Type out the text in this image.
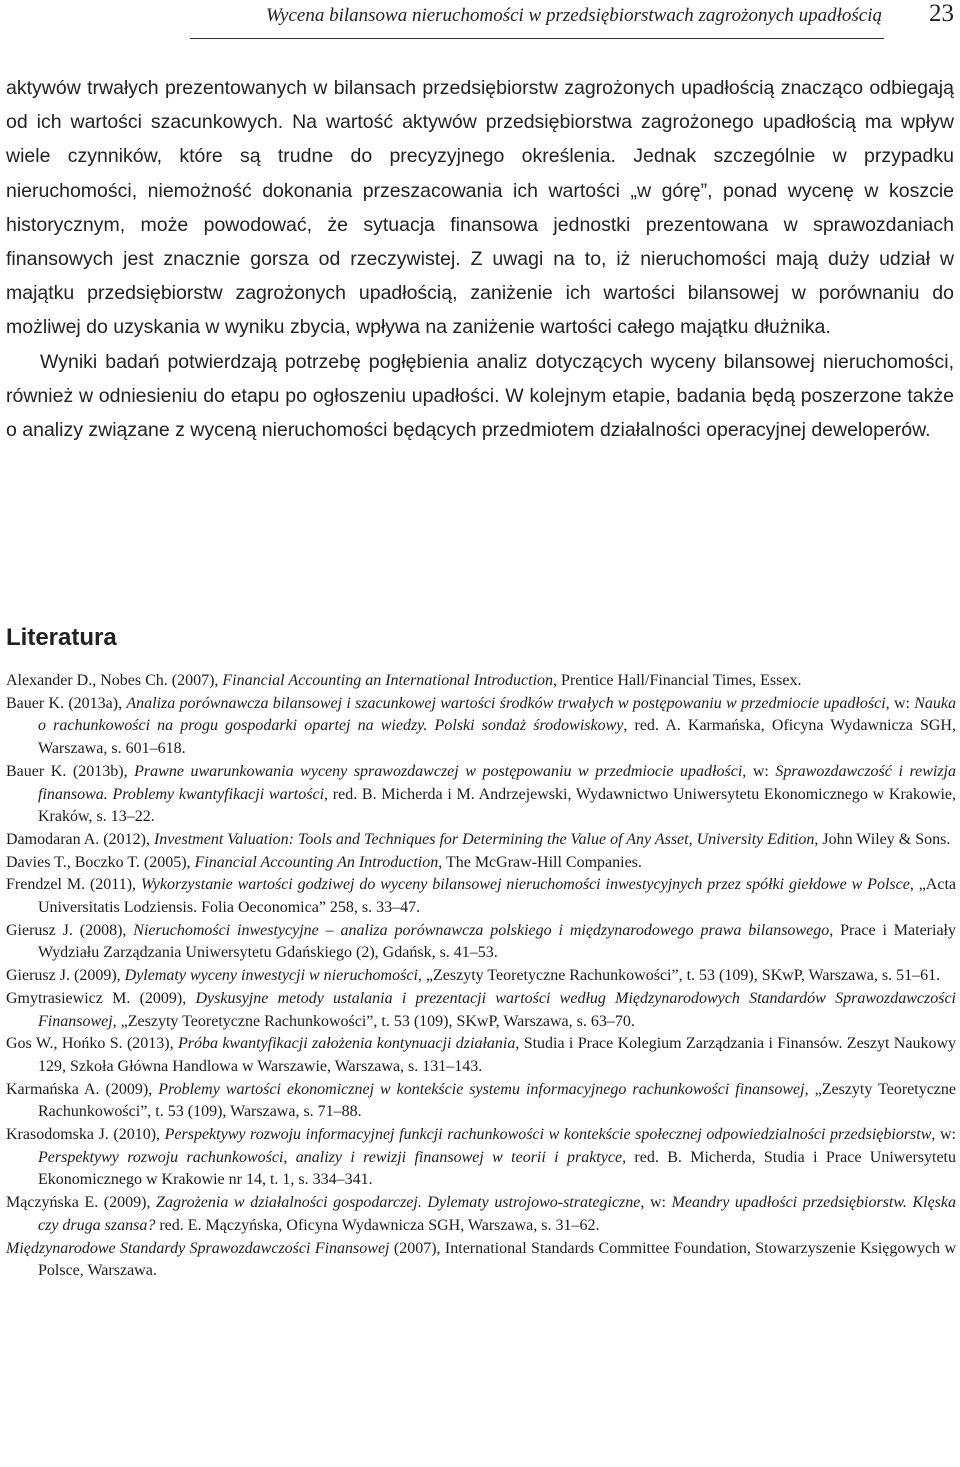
Wycena bilansowa nieruchomości w przedsiębiorstwach zagrożonych upadłością 23

aktywów trwałych prezentowanych w bilansach przedsiębiorstw zagrożonych upadłością znacząco odbiegają od ich wartości szacunkowych. Na wartość aktywów przedsiębiorstwa zagrożonego upadłością ma wpływ wiele czynników, które są trudne do precyzyjnego określenia. Jednak szczególnie w przypadku nieruchomości, niemożność dokonania przeszacowania ich wartości „w górę”, ponad wycenę w koszcie historycznym, może powodować, że sytuacja finansowa jednostki prezentowana w sprawozdaniach finansowych jest znacznie gorsza od rzeczywistej. Z uwagi na to, iż nieruchomości mają duży udział w majątku przedsiębiorstw zagrożonych upadłością, zaniżenie ich wartości bilansowej w porównaniu do możliwej do uzyskania w wyniku zbycia, wpływa na zaniżenie wartości całego majątku dłużnika.

Wyniki badań potwierdzają potrzebę pogłębienia analiz dotyczących wyceny bilansowej nieruchomości, również w odniesieniu do etapu po ogłoszeniu upadłości. W kolejnym etapie, badania będą poszerzone także o analizy związane z wyceną nieruchomości będących przedmiotem działalności operacyjnej deweloperów.

Literatura
Alexander D., Nobes Ch. (2007), Financial Accounting an International Introduction, Prentice Hall/Financial Times, Essex.
Bauer K. (2013a), Analiza porównawcza bilansowej i szacunkowej wartości środków trwałych w postępowaniu w przedmiocie upadłości, w: Nauka o rachunkowości na progu gospodarki opartej na wiedzy. Polski sondaż środowiskowy, red. A. Karmańska, Oficyna Wydawnicza SGH, Warszawa, s. 601–618.
Bauer K. (2013b), Prawne uwarunkowania wyceny sprawozdawczej w postępowaniu w przedmiocie upadłości, w: Sprawozdawczość i rewizja finansowa. Problemy kwantyfikacji wartości, red. B. Micherda i M. Andrzejewski, Wydawnictwo Uniwersytetu Ekonomicznego w Krakowie, Kraków, s. 13–22.
Damodaran A. (2012), Investment Valuation: Tools and Techniques for Determining the Value of Any Asset, University Edition, John Wiley & Sons.
Davies T., Boczko T. (2005), Financial Accounting An Introduction, The McGraw-Hill Companies.
Frendzel M. (2011), Wykorzystanie wartości godziwej do wyceny bilansowej nieruchomości inwestycyjnych przez spółki giełdowe w Polsce, „Acta Universitatis Lodziensis. Folia Oeconomica” 258, s. 33–47.
Gierusz J. (2008), Nieruchomości inwestycyjne – analiza porównawcza polskiego i międzynarodowego prawa bilansowego, Prace i Materiały Wydziału Zarządzania Uniwersytetu Gdańskiego (2), Gdańsk, s. 41–53.
Gierusz J. (2009), Dylematy wyceny inwestycji w nieruchomości, „Zeszyty Teoretyczne Rachunkowości”, t. 53 (109), SKwP, Warszawa, s. 51–61.
Gmytrasiewicz M. (2009), Dyskusyjne metody ustalania i prezentacji wartości według Międzynarodowych Standardów Sprawozdawczości Finansowej, „Zeszyty Teoretyczne Rachunkowości”, t. 53 (109), SKwP, Warszawa, s. 63–70.
Gos W., Hońko S. (2013), Próba kwantyfikacji założenia kontynuacji działania, Studia i Prace Kolegium Zarządzania i Finansów. Zeszyt Naukowy 129, Szkoła Główna Handlowa w Warszawie, Warszawa, s. 131–143.
Karmańska A. (2009), Problemy wartości ekonomicznej w kontekście systemu informacyjnego rachunkowości finansowej, „Zeszyty Teoretyczne Rachunkowości”, t. 53 (109), Warszawa, s. 71–88.
Krasodomska J. (2010), Perspektywy rozwoju informacyjnej funkcji rachunkowości w kontekście społecznej odpowiedzialności przedsiębiorstw, w: Perspektywy rozwoju rachunkowości, analizy i rewizji finansowej w teorii i praktyce, red. B. Micherda, Studia i Prace Uniwersytetu Ekonomicznego w Krakowie nr 14, t. 1, s. 334–341.
Mączyńska E. (2009), Zagrożenia w działalności gospodarczej. Dylematy ustrojowo-strategiczne, w: Meandry upadłości przedsiębiorstw. Klęska czy druga szansa? red. E. Mączyńska, Oficyna Wydawnicza SGH, Warszawa, s. 31–62.
Międzynarodowe Standardy Sprawozdawczości Finansowej (2007), International Standards Committee Foundation, Stowarzyszenie Księgowych w Polsce, Warszawa.
